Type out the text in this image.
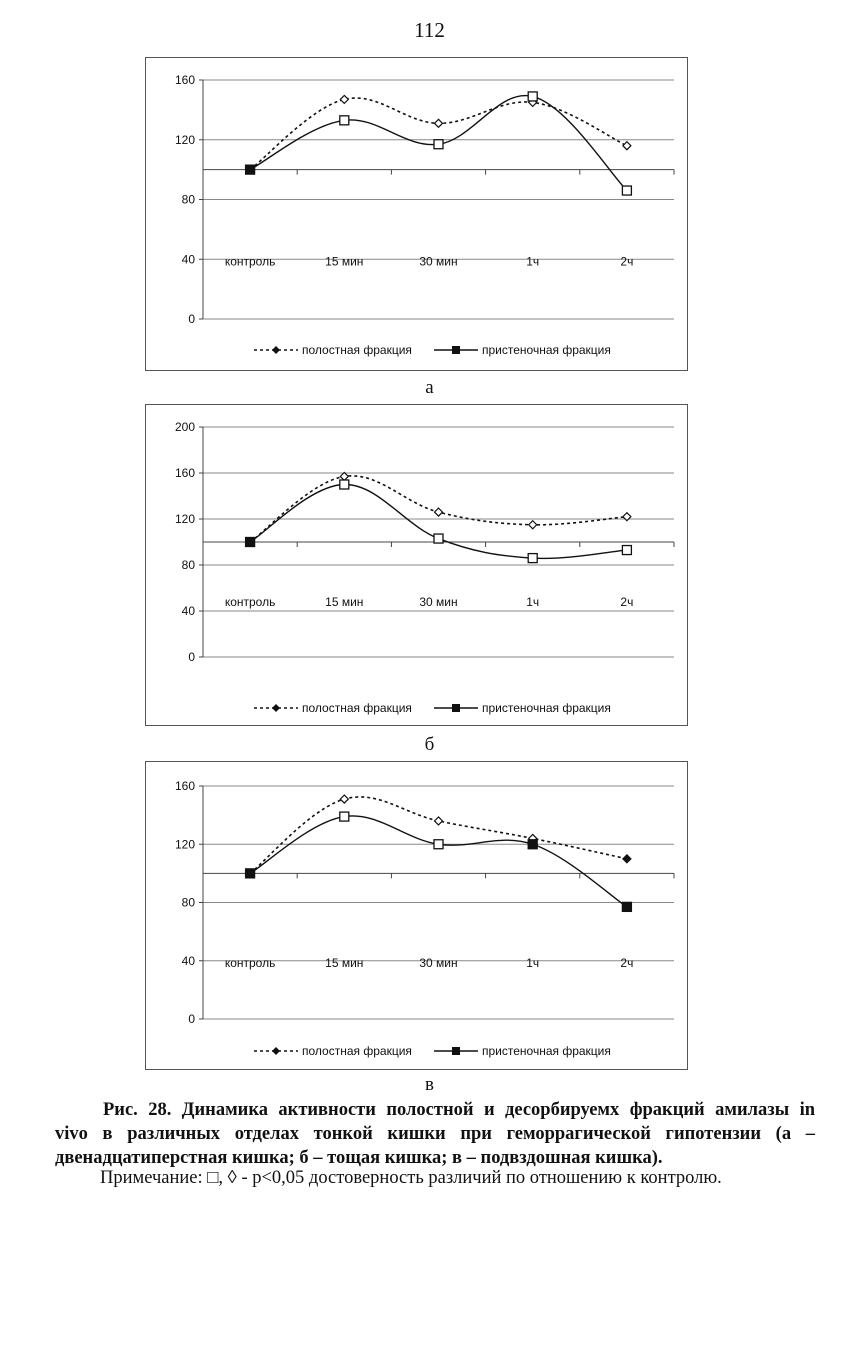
112
0
40
80
120
160
контроль	15 мин	30 мин	1ч	2ч
полостная фракция	пристеночная фракция
а
0
40
80
120
160
200
контроль	15 мин	30 мин	1ч	2ч
полостная фракция	пристеночная фракция
б
0
40
80
120
160
контроль	15 мин	30 мин	1ч	2ч
полостная фракция	пристеночная фракция
в
Рис. 28. Динамика активности полостной и десорбируемх фракций амилазы in
vivo в различных отделах тонкой кишки при геморрагической гипотензии (а –
двенадцатиперстная кишка; б – тощая кишка; в – подвздошная кишка).
Примечание: □, ◊ - p<0,05 достоверность различий по отношению к контролю.
